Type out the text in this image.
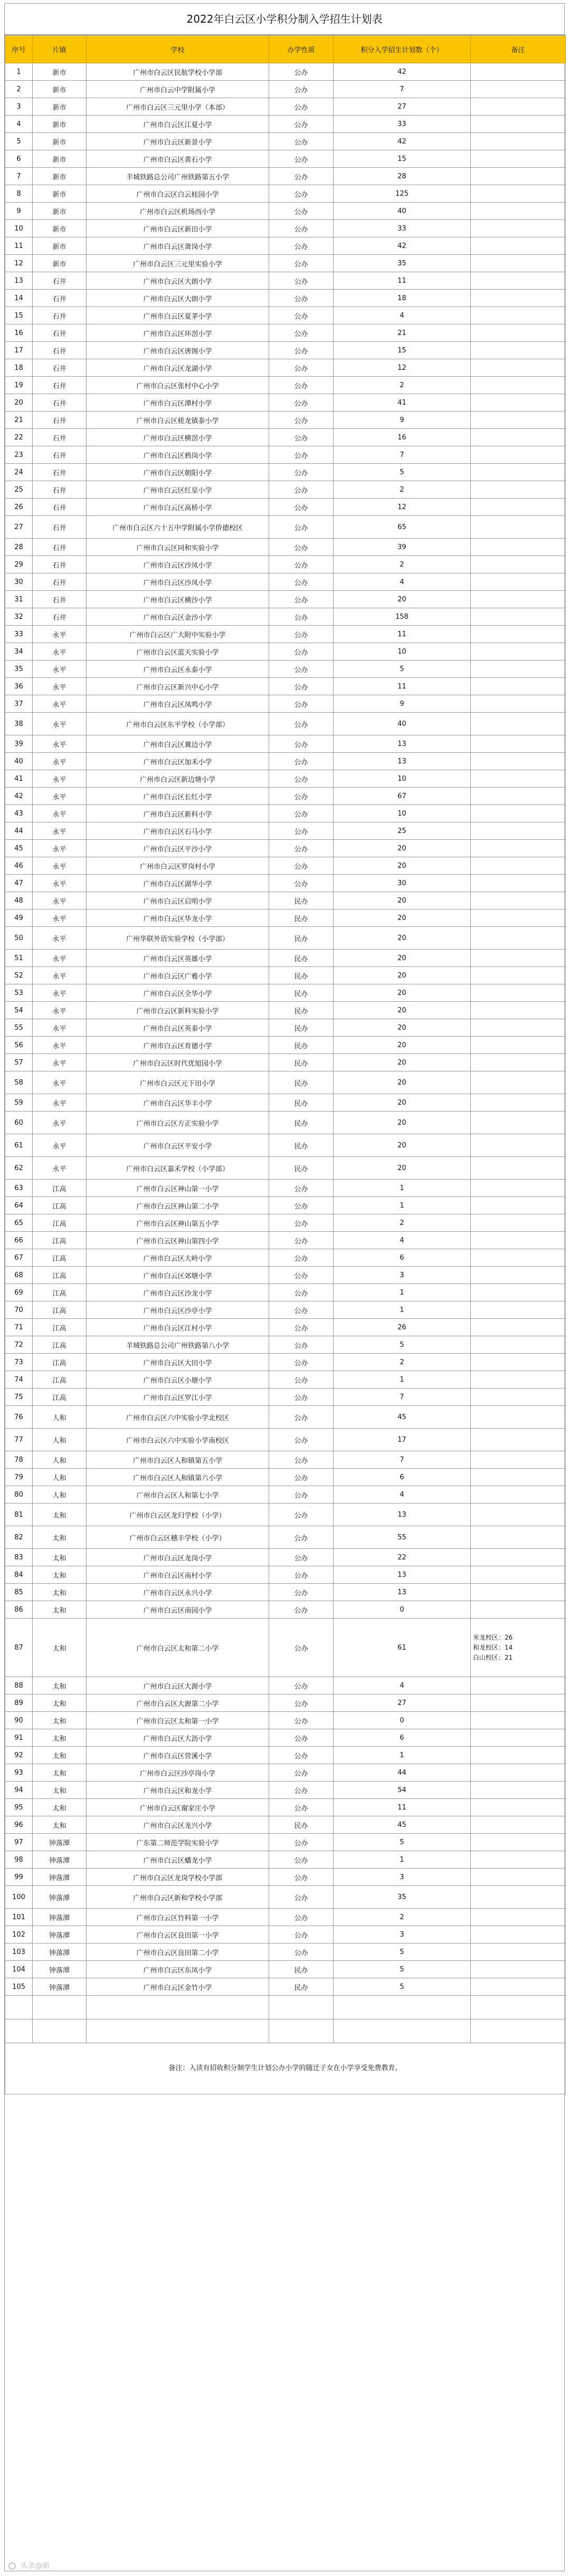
2022年白云区小学积分制入学招生计划表
序号	片镇	学校	办学性质	积分入学招生计划数（个）	备注
1	新市	广州市白云区民航学校小学部	公办	42	
2	新市	广州市白云中学附属小学	公办	7	
3	新市	广州市白云区三元里小学（本部）	公办	27	
4	新市	广州市白云区江夏小学	公办	33	
5	新市	广州市白云区新景小学	公办	42	
6	新市	广州市白云区黄石小学	公办	15	
7	新市	羊城铁路总公司广州铁路第五小学	公办	28	
8	新市	广州市白云区白云桂园小学	公办	125	
9	新市	广州市白云区机场西小学	公办	40	
10	新市	广州市白云区新田小学	公办	33	
11	新市	广州市白云区萧岗小学	公办	42	
12	新市	广州市白云区三元里实验小学	公办	35	
13	石井	广州市白云区大朗小学	公办	11	
14	石井	广州市白云区大朗小学	公办	18	
15	石井	广州市白云区夏茅小学	公办	4	
16	石井	广州市白云区环滘小学	公办	21	
17	石井	广州市白云区唐阁小学	公办	15	
18	石井	广州市白云区龙湖小学	公办	12	
19	石井	广州市白云区张村中心小学	公办	2	
20	石井	广州市白云区潭村小学	公办	41	
21	石井	广州市白云区槎龙镇泰小学	公办	9	
22	石井	广州市白云区横滘小学	公办	16	
23	石井	广州市白云区鸦岗小学	公办	7	
24	石井	广州市白云区朝阳小学	公办	5	
25	石井	广州市白云区红星小学	公办	2	
26	石井	广州市白云区高桥小学	公办	12	
27	石井	广州市白云区六十五中学附属小学侨德校区	公办	65	
28	石井	广州市白云区同和实验小学	公办	39	
29	石井	广州市白云区沙凤小学	公办	2	
30	石井	广州市白云区沙凤小学	公办	4	
31	石井	广州市白云区横沙小学	公办	20	
32	石井	广州市白云区金沙小学	公办	158	
33	永平	广州市白云区广大附中实验小学	公办	11	
34	永平	广州市白云区蓝天实验小学	公办	10	
35	永平	广州市白云区永泰小学	公办	5	
36	永平	广州市白云区新兴中心小学	公办	11	
37	永平	广州市白云区凤鸣小学	公办	9	
38	永平	广州市白云区东平学校（小学部）	公办	40	
39	永平	广州市白云区冀边小学	公办	13	
40	永平	广州市白云区加禾小学	公办	13	
41	永平	广州市白云区新边塘小学	公办	10	
42	永平	广州市白云区长红小学	公办	67	
43	永平	广州市白云区新科小学	公办	10	
44	永平	广州市白云区石马小学	公办	25	
45	永平	广州市白云区平沙小学	公办	20	
46	永平	广州市白云区罗岗村小学	公办	20	
47	永平	广州市白云区湖华小学	公办	30	
48	永平	广州市白云区启明小学	民办	20	
49	永平	广州市白云区华龙小学	民办	20	
50	永平	广州华联外语实验学校（小学部）	民办	20	
51	永平	广州市白云区英雄小学	民办	20	
52	永平	广州市白云区广雅小学	民办	20	
53	永平	广州市白云区全华小学	民办	20	
54	永平	广州市白云区新科实验小学	民办	20	
55	永平	广州市白云区英泰小学	民办	20	
56	永平	广州市白云区育德小学	民办	20	
57	永平	广州市白云区时代优旭园小学	民办	20	
58	永平	广州市白云区元下田小学	民办	20	
59	永平	广州市白云区华丰小学	民办	20	
60	永平	广州市白云区方正实验小学	民办	20	
61	永平	广州市白云区平安小学	民办	20	
62	永平	广州市白云区嘉禾学校（小学部）	民办	20	
63	江高	广州市白云区神山第一小学	公办	1	
64	江高	广州市白云区神山第二小学	公办	1	
65	江高	广州市白云区神山第五小学	公办	2	
66	江高	广州市白云区神山第四小学	公办	4	
67	江高	广州市白云区大岭小学	公办	6	
68	江高	广州市白云区郊塘小学	公办	3	
69	江高	广州市白云区沙龙小学	公办	1	
70	江高	广州市白云区沙亭小学	公办	1	
71	江高	广州市白云区江村小学	公办	26	
72	江高	羊城铁路总公司广州铁路第八小学	公办	5	
73	江高	广州市白云区大田小学	公办	2	
74	江高	广州市白云区小塘小学	公办	1	
75	江高	广州市白云区罗江小学	公办	7	
76	人和	广州市白云区六中实验小学北校区	公办	45	
77	人和	广州市白云区六中实验小学南校区	公办	17	
78	人和	广州市白云区人和镇第五小学	公办	7	
79	人和	广州市白云区人和镇第六小学	公办	6	
80	人和	广州市白云区人和第七小学	公办	4	
81	太和	广州市白云区龙归学校（小学）	公办	13	
82	太和	广州市白云区穗丰学校（小学）	公办	55	
83	太和	广州市白云区龙岗小学	公办	22	
84	太和	广州市白云区南村小学	公办	13	
85	太和	广州市白云区永兴小学	公办	13	
86	太和	广州市白云区南园小学	公办	0	
87	太和	广州市白云区太和第二小学	公办	61	米龙校区：26
和龙校区：14
白山校区：21
88	太和	广州市白云区大源小学	公办	4	
89	太和	广州市白云区大源第二小学	公办	27	
90	太和	广州市白云区太和第一小学	公办	0	
91	太和	广州市白云区大沥小学	公办	6	
92	太和	广州市白云区营溪小学	公办	1	
93	太和	广州市白云区沙亭岗小学	公办	44	
94	太和	广州市白云区和龙小学	公办	54	
95	太和	广州市白云区谢家庄小学	公办	11	
96	太和	广州市白云区龙兴小学	民办	45	
97	钟落潭	广东第二师范学院实验小学	公办	5	
98	钟落潭	广州市白云区蟠龙小学	公办	1	
99	钟落潭	广州市白云区龙岗学校小学部	公办	3	
100	钟落潭	广州市白云区新和学校小学部	公办	35	
101	钟落潭	广州市白云区竹料第一小学	公办	2	
102	钟落潭	广州市白云区良田第一小学	公办	3	
103	钟落潭	广州市白云区良田第二小学	公办	5	
104	钟落潭	广州市白云区东凤小学	民办	5	
105	钟落潭	广州市白云区金竹小学	民办	5	

备注：入读有招收积分制学生计划公办小学的随迁子女在小学享受免费教育。					
头条@新
